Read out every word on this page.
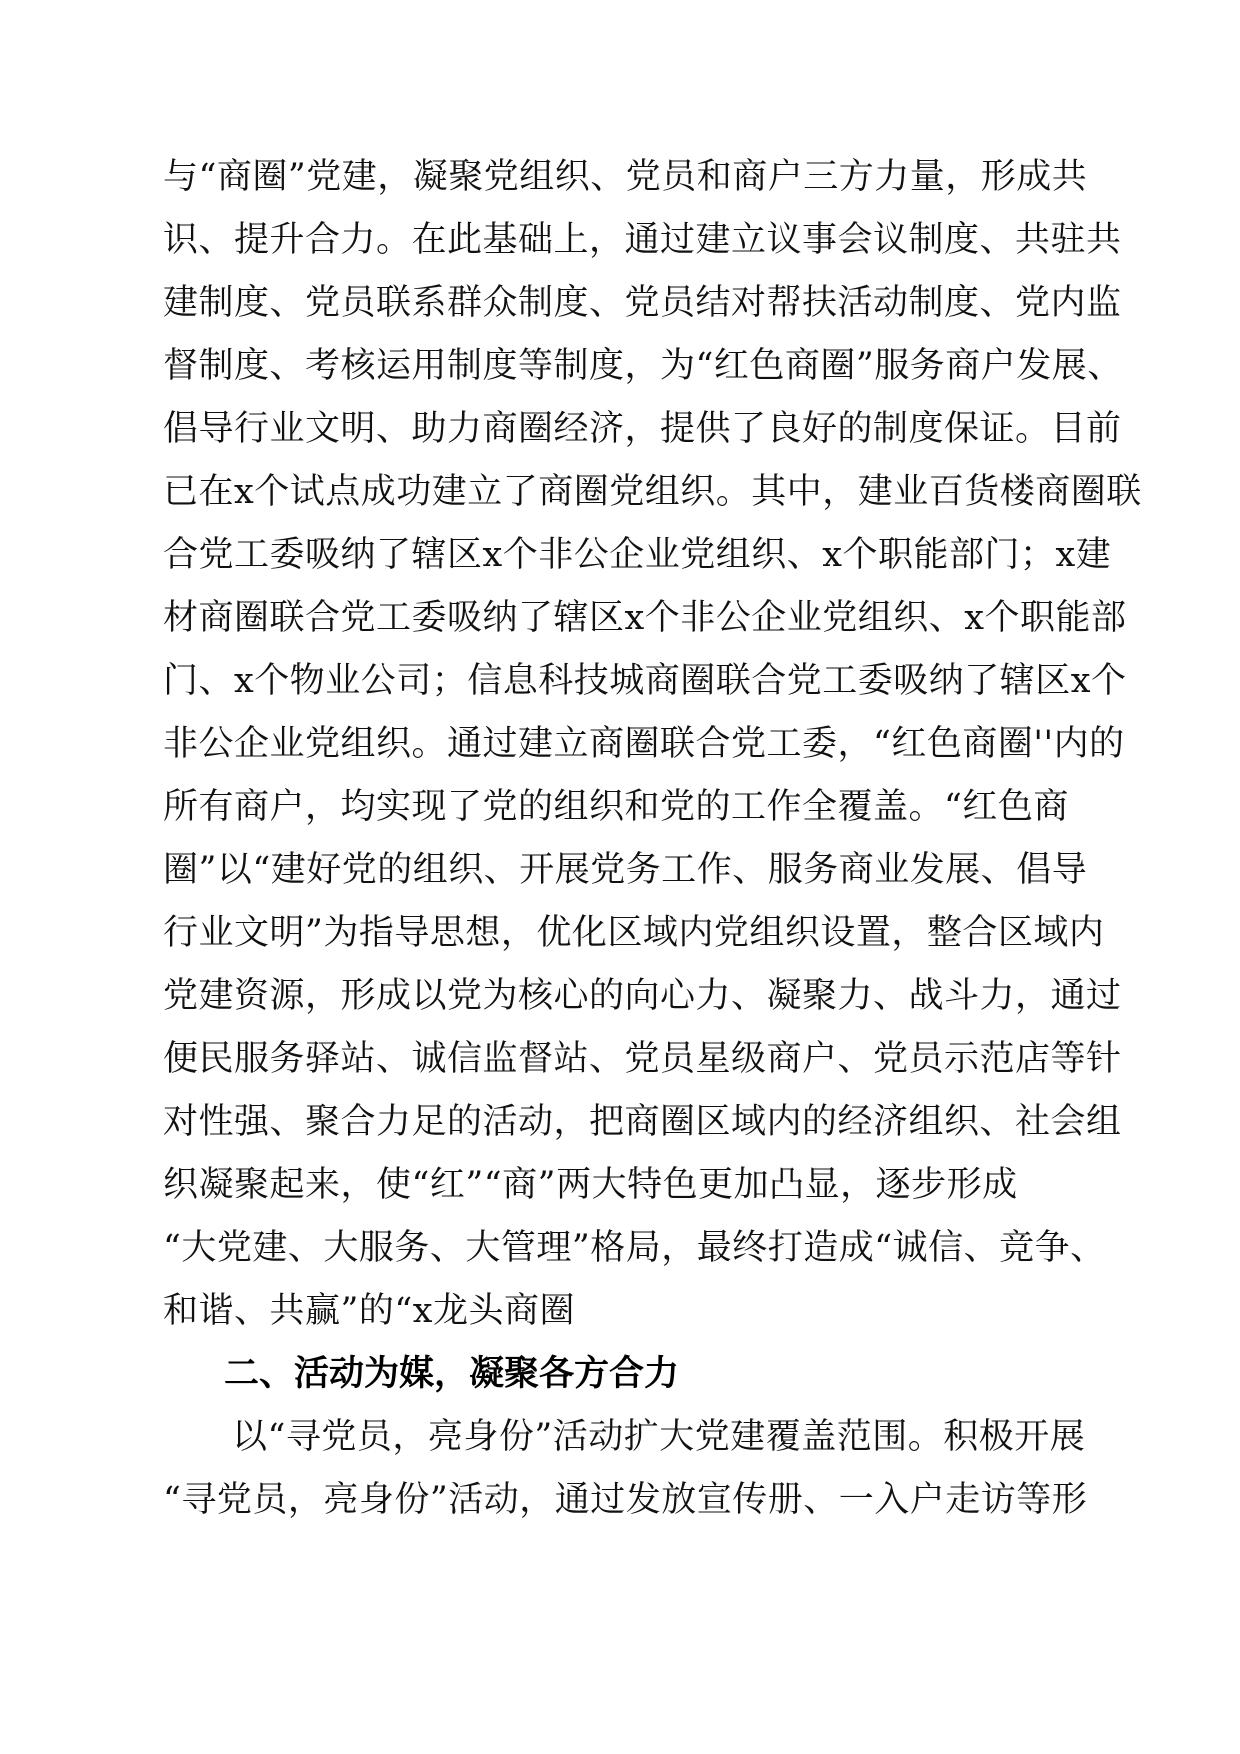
与“商圈”党建，凝聚党组织、党员和商户三方力量，形成共

识、提升合力。在此基础上，通过建立议事会议制度、共驻共

建制度、党员联系群众制度、党员结对帮扶活动制度、党内监

督制度、考核运用制度等制度，为“红色商圈”服务商户发展、

倡导行业文明、助力商圈经济，提供了良好的制度保证。目前

已在x个试点成功建立了商圈党组织。其中，建业百货楼商圈联

合党工委吸纳了辖区x个非公企业党组织、x个职能部门；x建

材商圈联合党工委吸纳了辖区x个非公企业党组织、x个职能部

门、x个物业公司；信息科技城商圈联合党工委吸纳了辖区x个

非公企业党组织。通过建立商圈联合党工委，“红色商圈''内的

所有商户，均实现了党的组织和党的工作全覆盖。“红色商

圈”以“建好党的组织、开展党务工作、服务商业发展、倡导

行业文明”为指导思想，优化区域内党组织设置，整合区域内

党建资源，形成以党为核心的向心力、凝聚力、战斗力，通过

便民服务驿站、诚信监督站、党员星级商户、党员示范店等针

对性强、聚合力足的活动，把商圈区域内的经济组织、社会组

织凝聚起来，使“红”“商”两大特色更加凸显，逐步形成

“大党建、大服务、大管理”格局，最终打造成“诚信、竞争、

和谐、共赢”的“x龙头商圈

二、活动为媒，凝聚各方合力

以“寻党员，亮身份”活动扩大党建覆盖范围。积极开展

“寻党员，亮身份”活动，通过发放宣传册、一入户走访等形
